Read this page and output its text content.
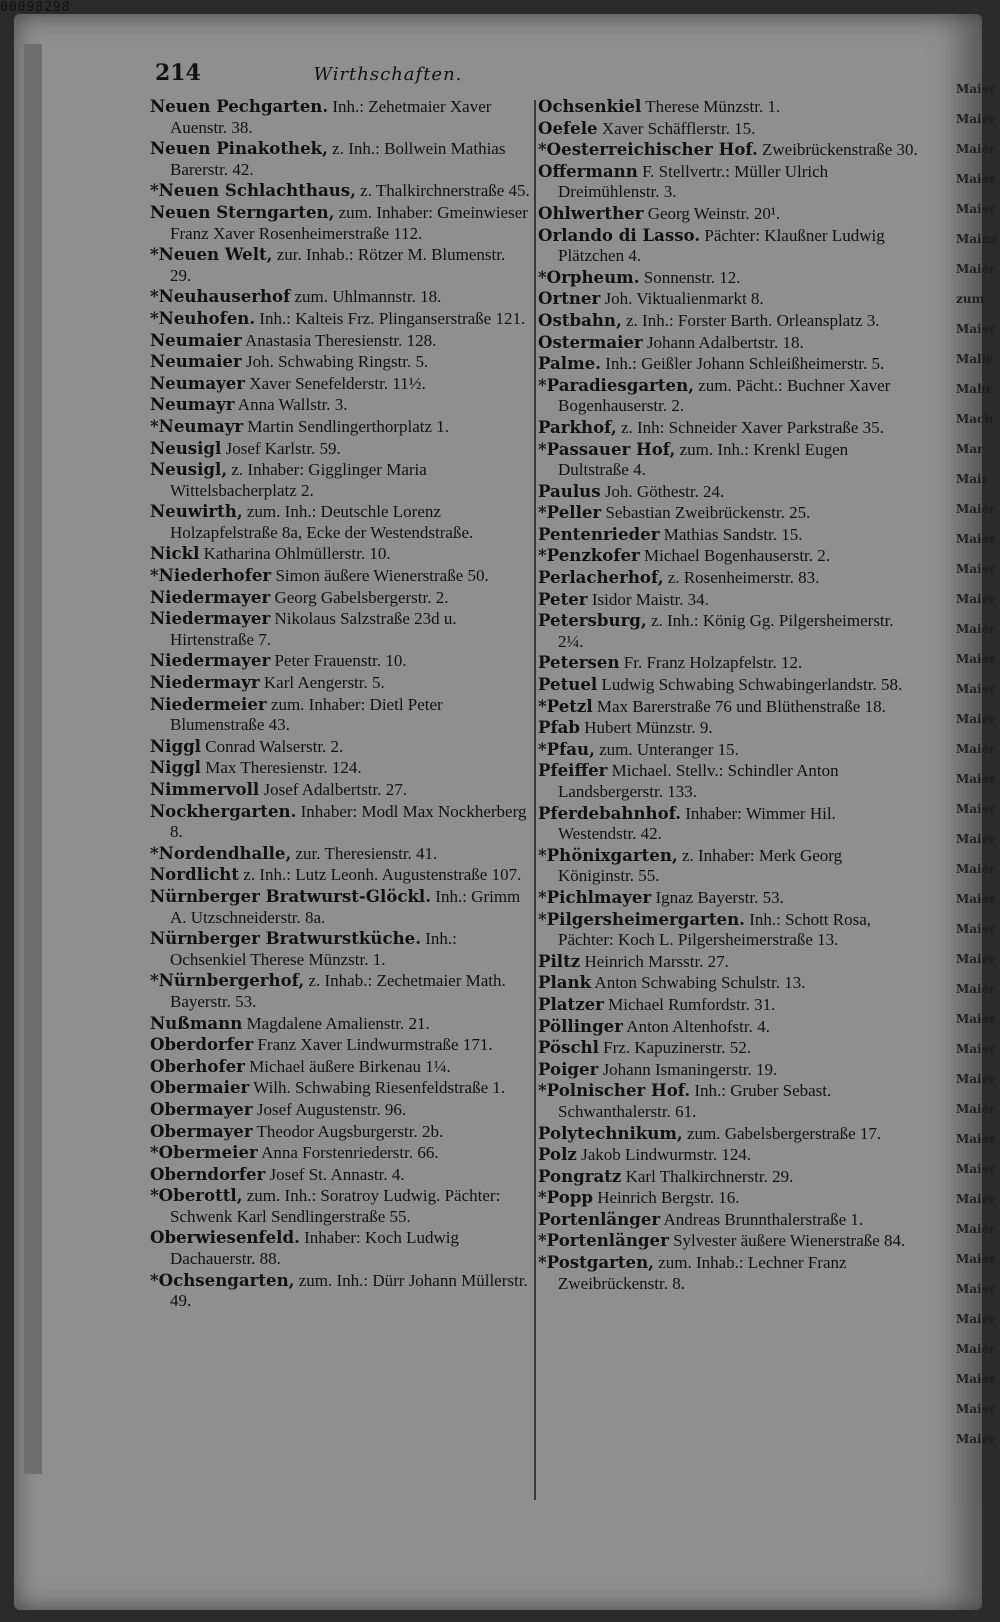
Maier
Maier
Maier
Maier
Maier
Mainz
Maier
zum
Maier
Malie
Mahr
Mach
Mar
Mair
Maier
Maier
Maier
Maier
Maier
Maier
Maier
Maier
Maier
Maier
Maier
Maier
Maier
Maier
Maier
Maier
Maier
Maier
Maier
Maier
Maier
Maier
Maier
Maier
Maier
Maier
Maier
Maier
Maier
Maier
Maier
Maier
00098298
214	Wirthschaften.

Neuen Pechgarten. Inh.: Zehetmaier Xaver Auenstr. 38.

Neuen Pinakothek, z. Inh.: Bollwein Mathias Barerstr. 42.

*Neuen Schlachthaus, z. Thalkirchnerstraße 45.

Neuen Sterngarten, zum. Inhaber: Gmeinwieser Franz Xaver Rosenheimerstraße 112.

*Neuen Welt, zur. Inhab.: Rötzer M. Blumenstr. 29.

*Neuhauserhof zum. Uhlmannstr. 18.

*Neuhofen. Inh.: Kalteis Frz. Plinganserstraße 121.

Neumaier Anastasia Theresienstr. 128.

Neumaier Joh. Schwabing Ringstr. 5.

Neumayer Xaver Senefelderstr. 11½.

Neumayr Anna Wallstr. 3.

*Neumayr Martin Sendlingerthorplatz 1.

Neusigl Josef Karlstr. 59.

Neusigl, z. Inhaber: Gigglinger Maria Wittelsbacherplatz 2.

Neuwirth, zum. Inh.: Deutschle Lorenz Holzapfelstraße 8a, Ecke der Westendstraße.

Nickl Katharina Ohlmüllerstr. 10.

*Niederhofer Simon äußere Wienerstraße 50.

Niedermayer Georg Gabelsbergerstr. 2.

Niedermayer Nikolaus Salzstraße 23d u. Hirtenstraße 7.

Niedermayer Peter Frauenstr. 10.

Niedermayr Karl Aengerstr. 5.

Niedermeier zum. Inhaber: Dietl Peter Blumenstraße 43.

Niggl Conrad Walserstr. 2.

Niggl Max Theresienstr. 124.

Nimmervoll Josef Adalbertstr. 27.

Nockhergarten. Inhaber: Modl Max Nockherberg 8.

*Nordendhalle, zur. Theresienstr. 41.

Nordlicht z. Inh.: Lutz Leonh. Augustenstraße 107.

Nürnberger Bratwurst-Glöckl. Inh.: Grimm A. Utzschneiderstr. 8a.

Nürnberger Bratwurstküche. Inh.: Ochsenkiel Therese Münzstr. 1.

*Nürnbergerhof, z. Inhab.: Zechetmaier Math. Bayerstr. 53.

Nußmann Magdalene Amalienstr. 21.

Oberdorfer Franz Xaver Lindwurmstraße 171.

Oberhofer Michael äußere Birkenau 1¼.

Obermaier Wilh. Schwabing Riesenfeldstraße 1.

Obermayer Josef Augustenstr. 96.

Obermayer Theodor Augsburgerstr. 2b.

*Obermeier Anna Forstenriederstr. 66.

Oberndorfer Josef St. Annastr. 4.

*Oberottl, zum. Inh.: Soratroy Ludwig. Pächter: Schwenk Karl Sendlingerstraße 55.

Oberwiesenfeld. Inhaber: Koch Ludwig Dachauerstr. 88.

*Ochsengarten, zum. Inh.: Dürr Johann Müllerstr. 49.

Ochsenkiel Therese Münzstr. 1.

Oefele Xaver Schäfflerstr. 15.

*Oesterreichischer Hof. Zweibrückenstraße 30.

Offermann F. Stellvertr.: Müller Ulrich Dreimühlenstr. 3.

Ohlwerther Georg Weinstr. 20¹.

Orlando di Lasso. Pächter: Klaußner Ludwig Plätzchen 4.

*Orpheum. Sonnenstr. 12.

Ortner Joh. Viktualienmarkt 8.

Ostbahn, z. Inh.: Forster Barth. Orleansplatz 3.

Ostermaier Johann Adalbertstr. 18.

Palme. Inh.: Geißler Johann Schleißheimerstr. 5.

*Paradiesgarten, zum. Pächt.: Buchner Xaver Bogenhauserstr. 2.

Parkhof, z. Inh: Schneider Xaver Parkstraße 35.

*Passauer Hof, zum. Inh.: Krenkl Eugen Dultstraße 4.

Paulus Joh. Göthestr. 24.

*Peller Sebastian Zweibrückenstr. 25.

Pentenrieder Mathias Sandstr. 15.

*Penzkofer Michael Bogenhauserstr. 2.

Perlacherhof, z. Rosenheimerstr. 83.

Peter Isidor Maistr. 34.

Petersburg, z. Inh.: König Gg. Pilgersheimerstr. 2¼.

Petersen Fr. Franz Holzapfelstr. 12.

Petuel Ludwig Schwabing Schwabingerlandstr. 58.

*Petzl Max Barerstraße 76 und Blüthenstraße 18.

Pfab Hubert Münzstr. 9.

*Pfau, zum. Unteranger 15.

Pfeiffer Michael. Stellv.: Schindler Anton Landsbergerstr. 133.

Pferdebahnhof. Inhaber: Wimmer Hil. Westendstr. 42.

*Phönixgarten, z. Inhaber: Merk Georg Königinstr. 55.

*Pichlmayer Ignaz Bayerstr. 53.

*Pilgersheimergarten. Inh.: Schott Rosa, Pächter: Koch L. Pilgersheimerstraße 13.

Piltz Heinrich Marsstr. 27.

Plank Anton Schwabing Schulstr. 13.

Platzer Michael Rumfordstr. 31.

Pöllinger Anton Altenhofstr. 4.

Pöschl Frz. Kapuzinerstr. 52.

Poiger Johann Ismaningerstr. 19.

*Polnischer Hof. Inh.: Gruber Sebast. Schwanthalerstr. 61.

Polytechnikum, zum. Gabelsbergerstraße 17.

Polz Jakob Lindwurmstr. 124.

Pongratz Karl Thalkirchnerstr. 29.

*Popp Heinrich Bergstr. 16.

Portenlänger Andreas Brunnthalerstraße 1.

*Portenlänger Sylvester äußere Wienerstraße 84.

*Postgarten, zum. Inhab.: Lechner Franz Zweibrückenstr. 8.
